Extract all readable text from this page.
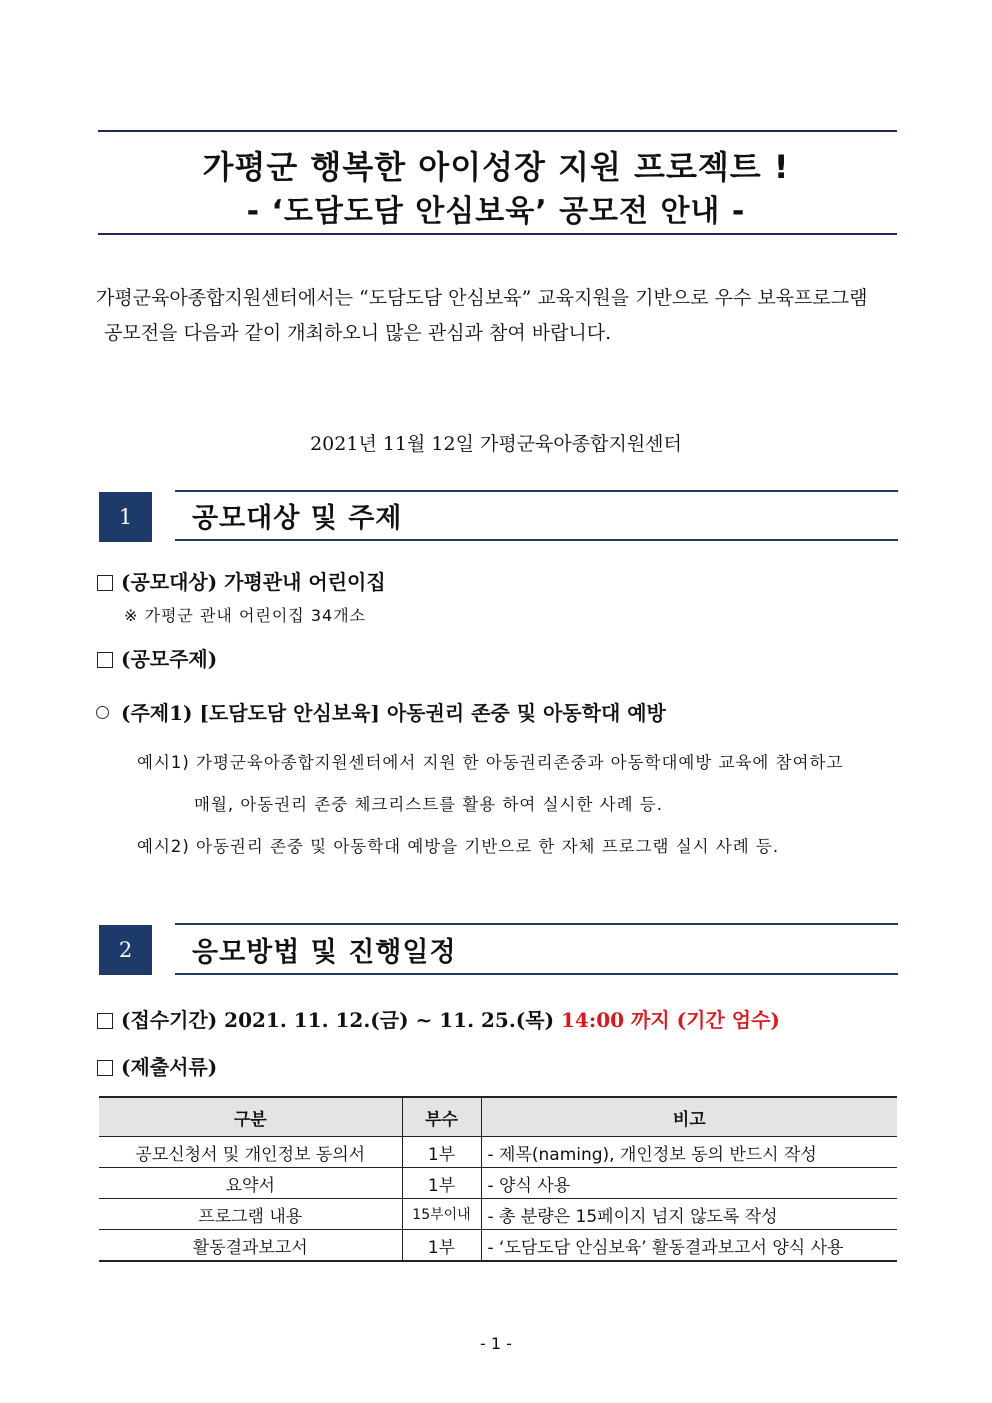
가평군 행복한 아이성장 지원 프로젝트 !
- ‘도담도담 안심보육’ 공모전 안내 -
가평군육아종합지원센터에서는 “도담도담 안심보육” 교육지원을 기반으로 우수 보육프로그램
공모전을 다음과 같이 개최하오니 많은 관심과 참여 바랍니다.
2021년 11월 12일 가평군육아종합지원센터
1	공모대상 및 주제
(공모대상) 가평관내 어린이집
※ 가평군 관내 어린이집 34개소
(공모주제)
(주제1) [도담도담 안심보육] 아동권리 존중 및 아동학대 예방
예시1) 가평군육아종합지원센터에서 지원 한 아동권리존중과 아동학대예방 교육에 참여하고
매월, 아동권리 존중 체크리스트를 활용 하여 실시한 사례 등.
예시2) 아동권리 존중 및 아동학대 예방을 기반으로 한 자체 프로그램 실시 사례 등.
2	응모방법 및 진행일정
(접수기간) 2021. 11. 12.(금) ~ 11. 25.(목) 14:00 까지 (기간 엄수)
(제출서류)
구분	부수	비고
공모신청서 및 개인정보 동의서	1부	- 제목(naming), 개인정보 동의 반드시 작성
요약서	1부	- 양식 사용
프로그램 내용	15부이내	- 총 분량은 15페이지 넘지 않도록 작성
활동결과보고서	1부	- ‘도담도담 안심보육’ 활동결과보고서 양식 사용
- 1 -
